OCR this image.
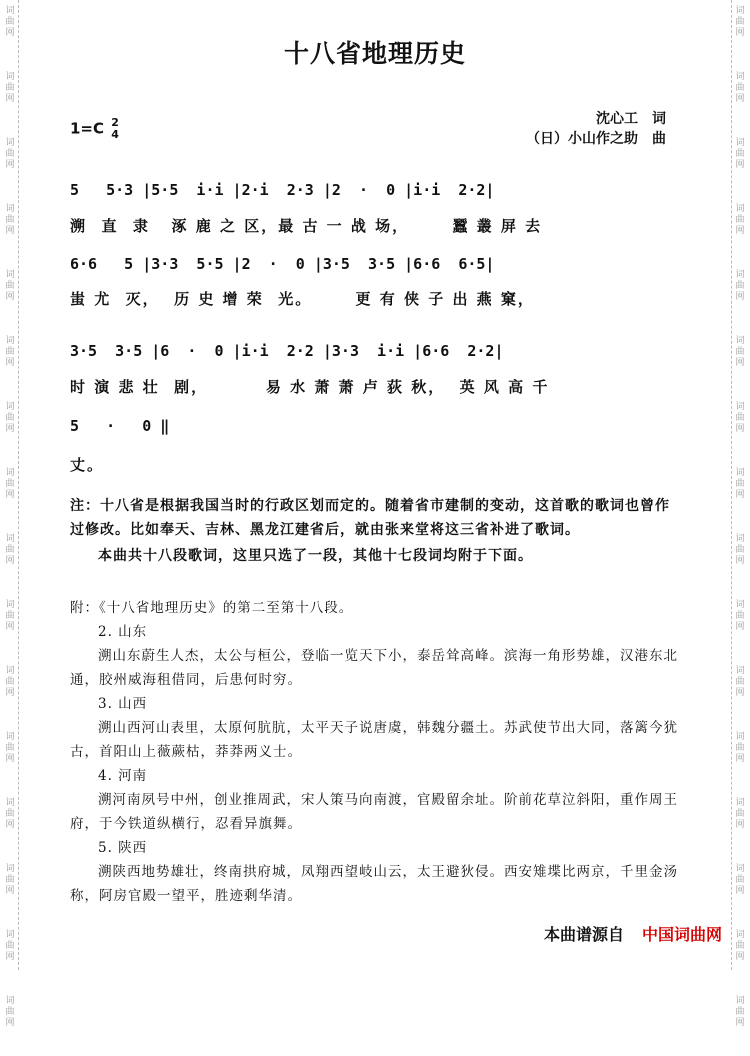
词曲网
词曲网
词曲网
词曲网
词曲网
词曲网
词曲网
词曲网
词曲网
词曲网
词曲网
词曲网
词曲网
词曲网
词曲网
词曲网
词曲网
词曲网
词曲网
词曲网
词曲网
词曲网
词曲网
词曲网
词曲网
词曲网
词曲网
词曲网
词曲网
词曲网
词曲网
词曲网
十八省地理历史
1=C 2
4
沈心工　词
（日）小山作之助　曲
5   5·3 |5·5  i·i |2·i  2·3 |2  ·  0 |i·i  2·2|
溯  直  隶   涿 鹿 之 区，最 古 一 战 场，      蠶 叢 屏 去
6·6   5 |3·3  5·5 |2  ·  0 |3·5  3·5 |6·6  6·5|
蚩 尤  灭，  历 史 增 荣  光。      更 有 侠 子 出 燕 窠，
3·5  3·5 |6  ·  0 |i·i  2·2 |3·3  i·i |6·6  2·2|
时 演 悲 壮  剧，        易 水 萧 萧 卢 荻 秋，  英 风 高 千
5   ·   0 ‖
丈。
注：十八省是根据我国当时的行政区划而定的。随着省市建制的变动，这首歌的歌词也曾作过修改。比如奉天、吉林、黑龙江建省后，就由张来堂将这三省补进了歌词。
本曲共十八段歌词，这里只选了一段，其他十七段词均附于下面。
附：《十八省地理历史》的第二至第十八段。
2. 山东
溯山东蔚生人杰，太公与桓公，登临一览天下小，泰岳耸高峰。滨海一角形势雄，汉港东北通，胶州威海租借同，后患何时穷。
3. 山西
溯山西河山表里，太原何肮肮，太平天子说唐虞，韩魏分疆土。苏武使节出大同，落篱今犹古，首阳山上薇蕨枯，莽莽两义士。
4. 河南
溯河南夙号中州，创业推周武，宋人策马向南渡，官殿留余址。阶前花草泣斜阳，重作周王府，于今铁道纵横行，忍看异旗舞。
5. 陕西
溯陕西地势雄壮，终南拱府城，凤翔西望岐山云，太王避狄侵。西安雉堞比两京，千里金汤称，阿房官殿一望平，胜迹剩华清。
本曲谱源自 中国词曲网
